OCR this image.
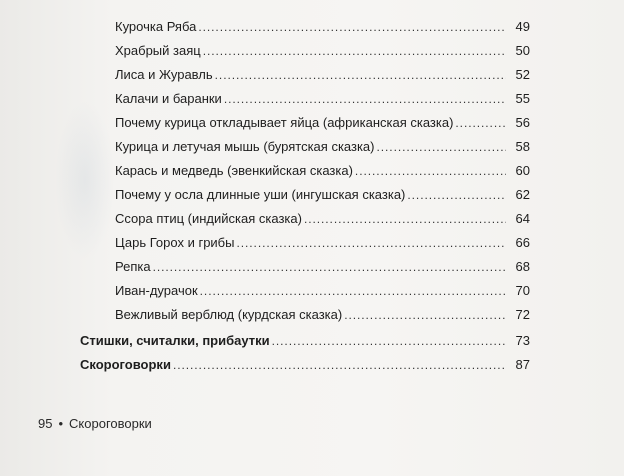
Курочка Ряба . . .	49
Храбрый заяц . . .	50
Лиса и Журавль . . .	52
Калачи и баранки . . .	55
Почему курица откладывает яйца (африканская сказка) . . .	56
Курица и летучая мышь (бурятская сказка) . . .	58
Карась и медведь (эвенкийская сказка) . . .	60
Почему у осла длинные уши (ингушская сказка) . . .	62
Ссора птиц (индийская сказка) . . .	64
Царь Горох и грибы . . .	66
Репка . . .	68
Иван-дурачок . . .	70
Вежливый верблюд (курдская сказка) . . .	72
Стишки, считалки, прибаутки . . .	73
Скороговорки . . .	87
95 • Скороговорки
